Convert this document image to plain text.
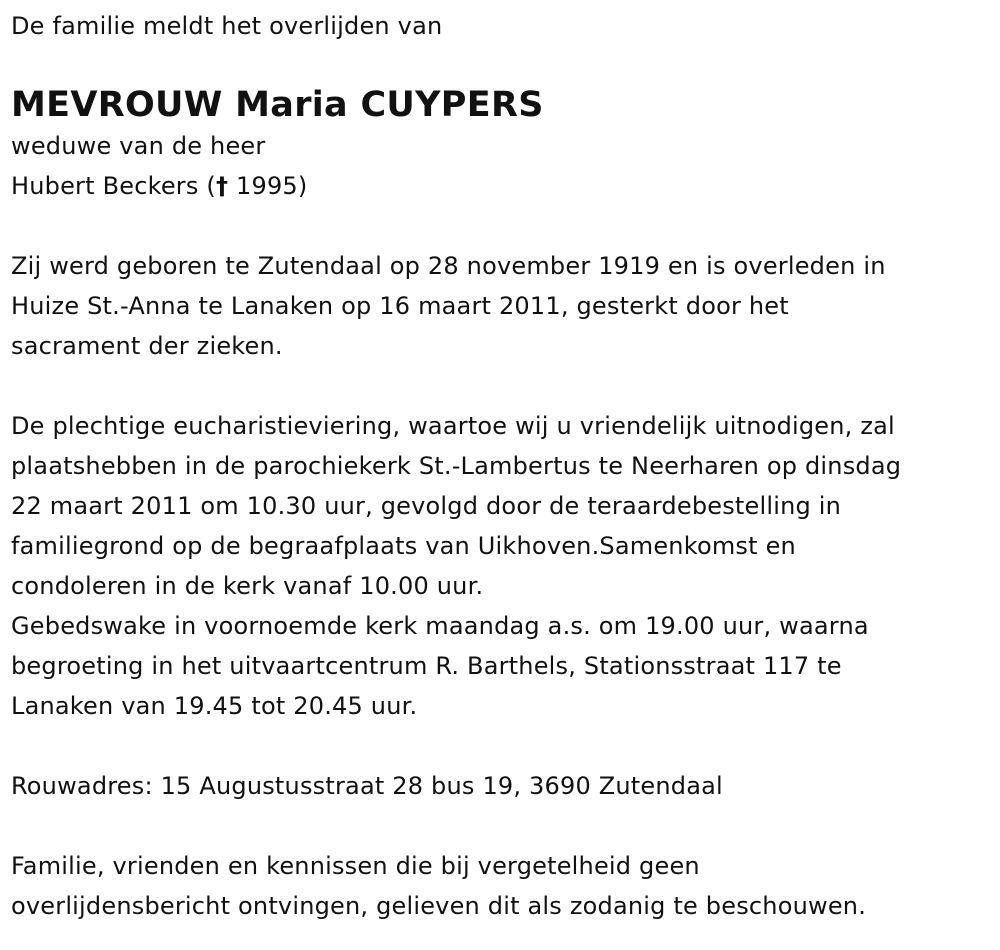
De familie meldt het overlijden van
MEVROUW Maria CUYPERS
weduwe van de heer
Hubert Beckers († 1995)
Zij werd geboren te Zutendaal op 28 november 1919 en is overleden in
Huize St.-Anna te Lanaken op 16 maart 2011, gesterkt door het
sacrament der zieken.
De plechtige eucharistieviering, waartoe wij u vriendelijk uitnodigen, zal
plaatshebben in de parochiekerk St.-Lambertus te Neerharen op dinsdag
22 maart 2011 om 10.30 uur, gevolgd door de teraardebestelling in
familiegrond op de begraafplaats van Uikhoven.Samenkomst en
condoleren in de kerk vanaf 10.00 uur.
Gebedswake in voornoemde kerk maandag a.s. om 19.00 uur, waarna
begroeting in het uitvaartcentrum R. Barthels, Stationsstraat 117 te
Lanaken van 19.45 tot 20.45 uur.
Rouwadres: 15 Augustusstraat 28 bus 19, 3690 Zutendaal
Familie, vrienden en kennissen die bij vergetelheid geen
overlijdensbericht ontvingen, gelieven dit als zodanig te beschouwen.
